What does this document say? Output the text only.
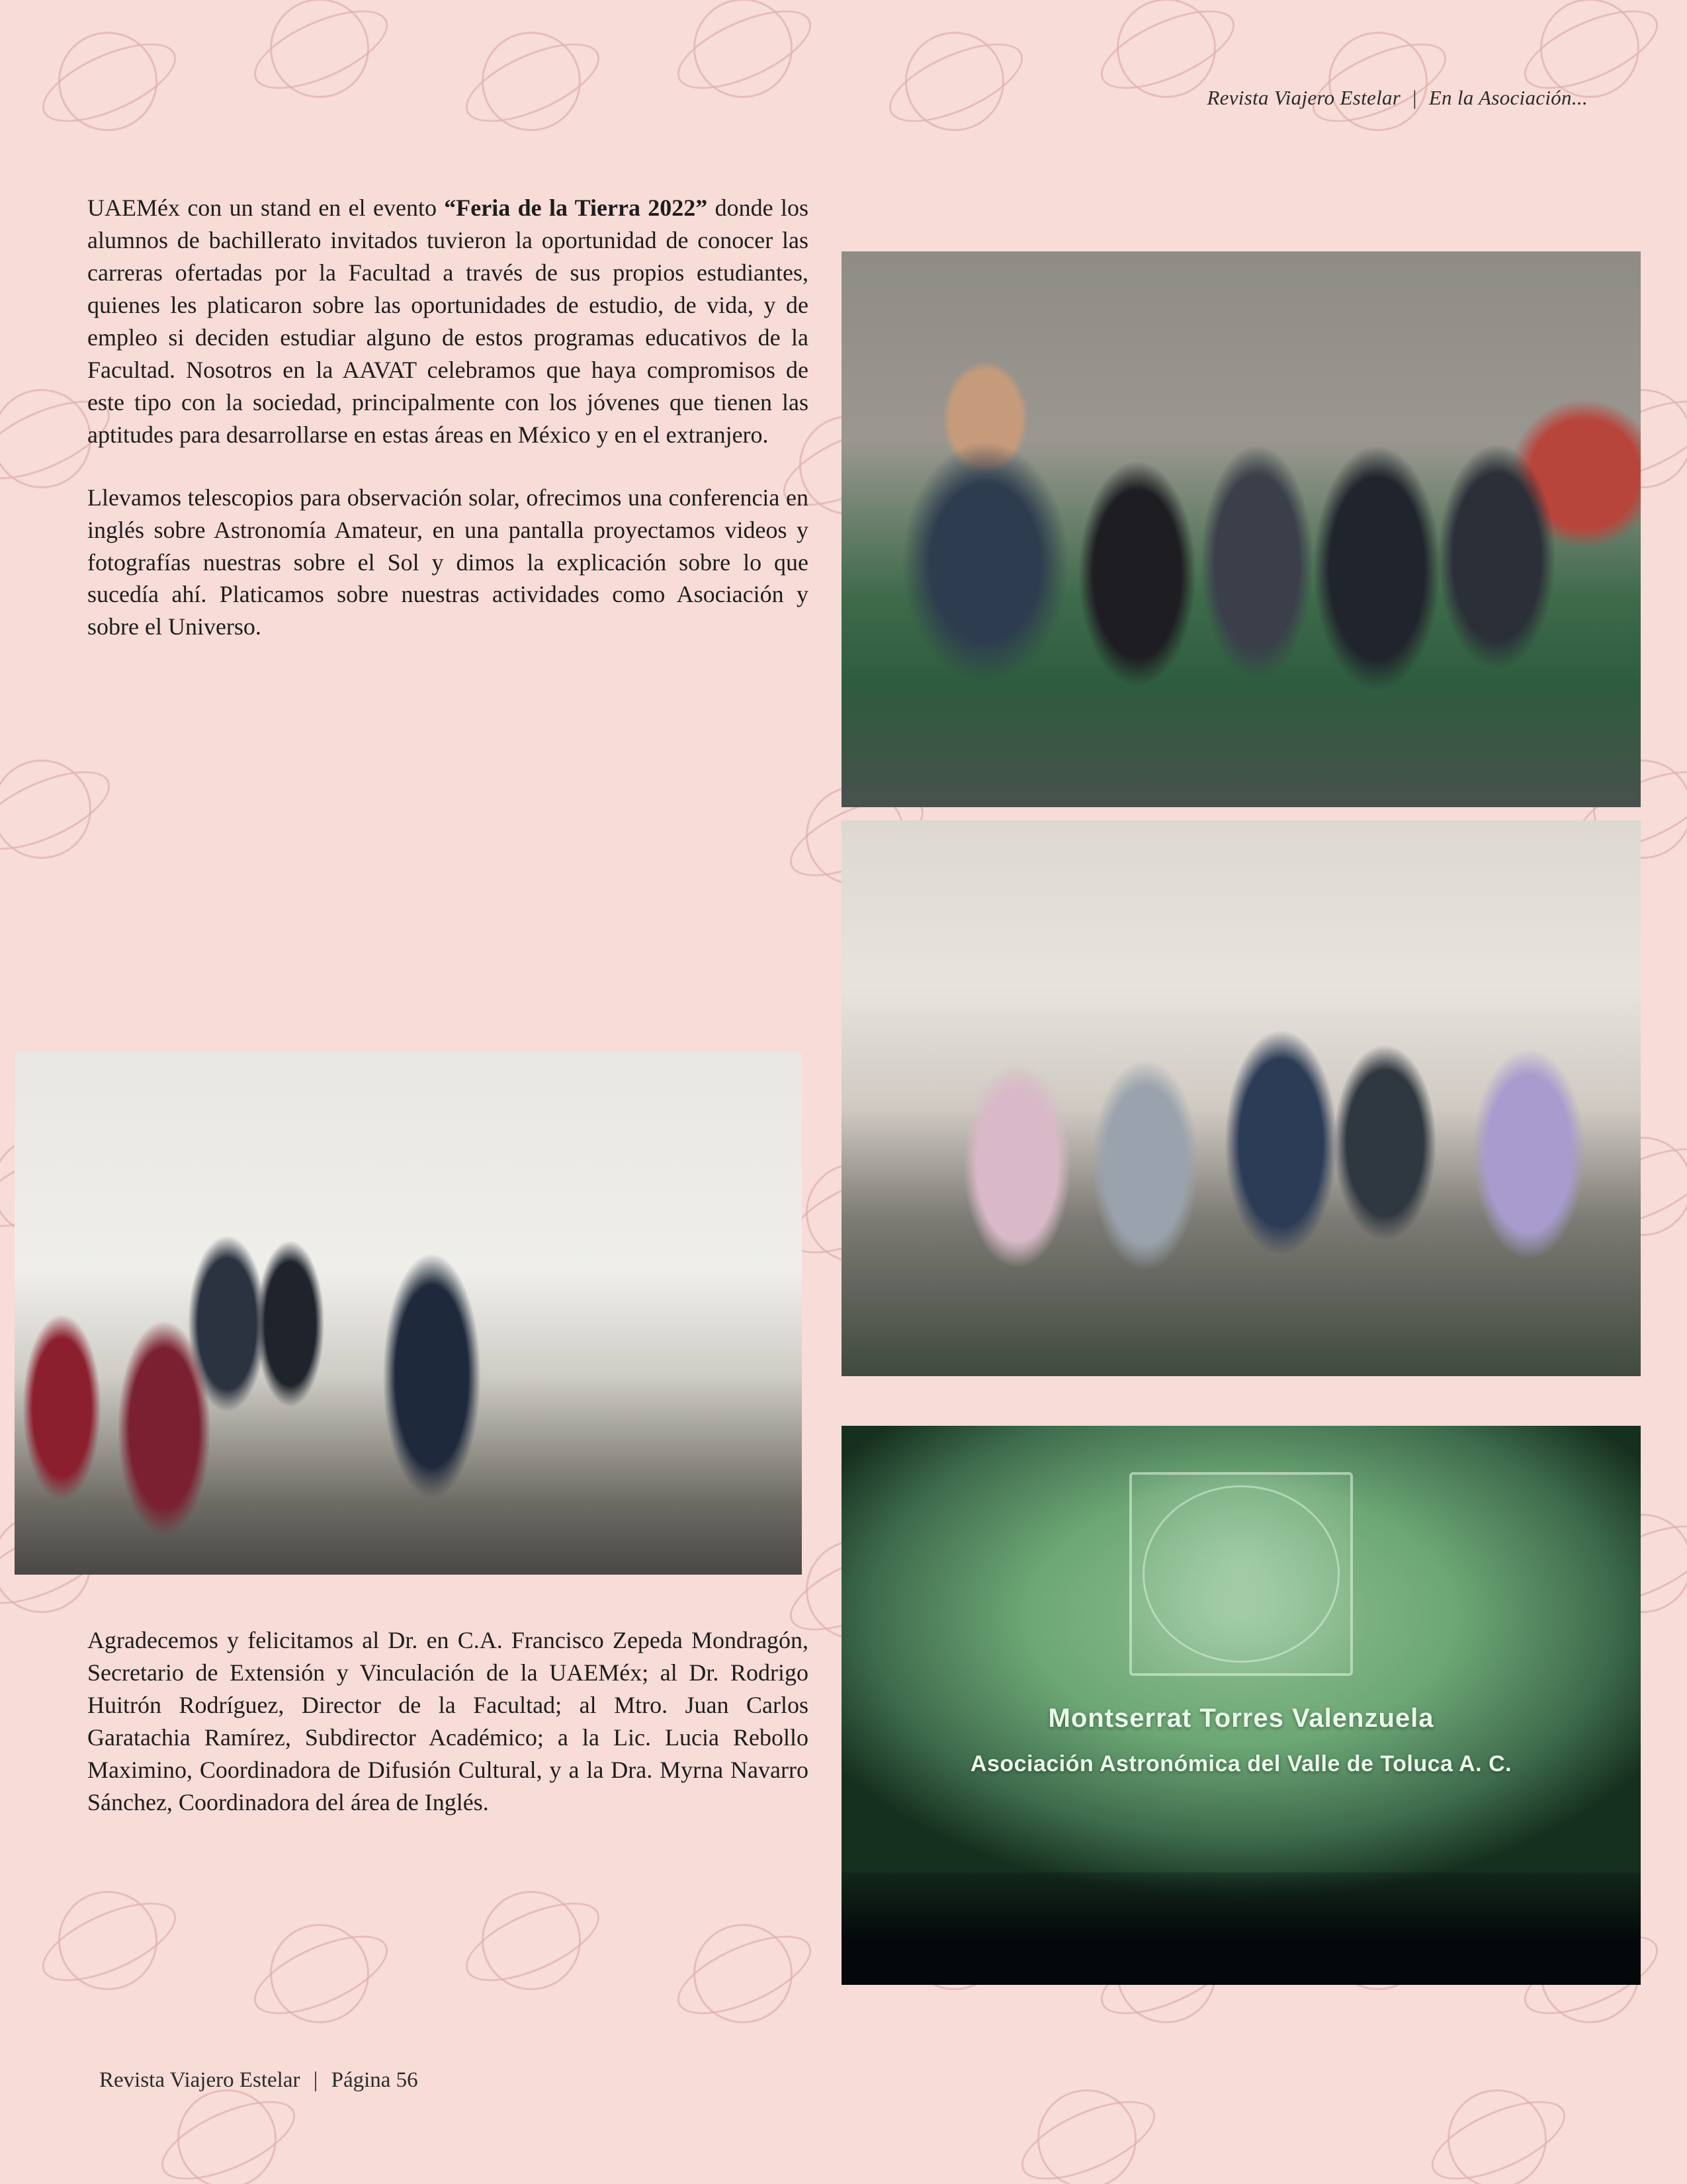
Revista Viajero Estelar | En la Asociación...

UAEMéx con un stand en el evento “Feria de la Tierra 2022” donde los alumnos de bachillerato invitados tuvieron la oportunidad de conocer las carreras ofertadas por la Facultad a través de sus propios estudiantes, quienes les platicaron sobre las oportunidades de estudio, de vida, y de empleo si deciden estudiar alguno de estos programas educativos de la Facultad. Nosotros en la AAVAT celebramos que haya compromisos de este tipo con la sociedad, principalmente con los jóvenes que tienen las aptitudes para desarrollarse en estas áreas en México y en el extranjero.

Llevamos telescopios para observación solar, ofrecimos una conferencia en inglés sobre Astronomía Amateur, en una pantalla proyectamos videos y fotografías nuestras sobre el Sol y dimos la explicación sobre lo que sucedía ahí. Platicamos sobre nuestras actividades como Asociación y sobre el Universo.

Agradecemos y felicitamos al Dr. en C.A. Francisco Zepeda Mondragón, Secretario de Extensión y Vinculación de la UAEMéx; al Dr. Rodrigo Huitrón Rodríguez, Director de la Facultad; al Mtro. Juan Carlos Garatachia Ramírez, Subdirector Académico; a la Lic. Lucia Rebollo Maximino, Coordinadora de Difusión Cultural, y a la Dra. Myrna Navarro Sánchez, Coordinadora del área de Inglés.

Montserrat Torres Valenzuela
Asociación Astronómica del Valle de Toluca A. C.
Revista Viajero Estelar | Página 56
